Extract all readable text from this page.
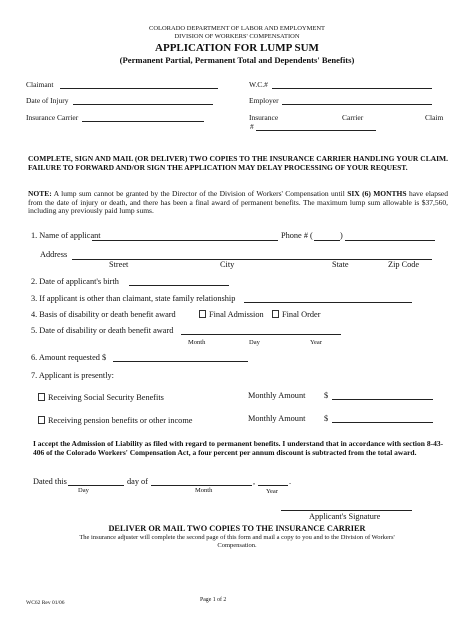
COLORADO DEPARTMENT OF LABOR AND EMPLOYMENT
DIVISION OF WORKERS' COMPENSATION
APPLICATION FOR LUMP SUM
(Permanent Partial, Permanent Total and Dependents' Benefits)
Claimant	W.C.#
Date of Injury	Employer
Insurance Carrier	Insurance	Carrier	Claim
#
COMPLETE, SIGN AND MAIL (OR DELIVER) TWO COPIES TO THE INSURANCE CARRIER HANDLING YOUR CLAIM. FAILURE TO FORWARD AND/OR SIGN THE APPLICATION MAY DELAY PROCESSING OF YOUR REQUEST.
NOTE: A lump sum cannot be granted by the Director of the Division of Workers' Compensation until SIX (6) MONTHS have elapsed from the date of injury or death, and there has been a final award of permanent benefits. The maximum lump sum allowable is $37,560, including any previously paid lump sums.
1. Name of applicant	Phone # (	)
Address
Street	City	State	Zip Code
2. Date of applicant's birth
3. If applicant is other than claimant, state family relationship
4. Basis of disability or death benefit award	Final Admission	Final Order
5. Date of disability or death benefit award
Month	Day	Year
6. Amount requested $
7. Applicant is presently:
Receiving Social Security Benefits	Monthly Amount $
Receiving pension benefits or other income	Monthly Amount $
I accept the Admission of Liability as filed with regard to permanent benefits. I understand that in accordance with section 8-43-406 of the Colorado Workers' Compensation Act, a four percent per annum discount is subtracted from the total award.
Dated this	day of	,	.
Day	Month	Year
Applicant's Signature
DELIVER OR MAIL TWO COPIES TO THE INSURANCE CARRIER
The insurance adjuster will complete the second page of this form and mail a copy to you and to the Division of Workers'
Compensation.
WC62 Rev 01/06	Page 1 of 2
